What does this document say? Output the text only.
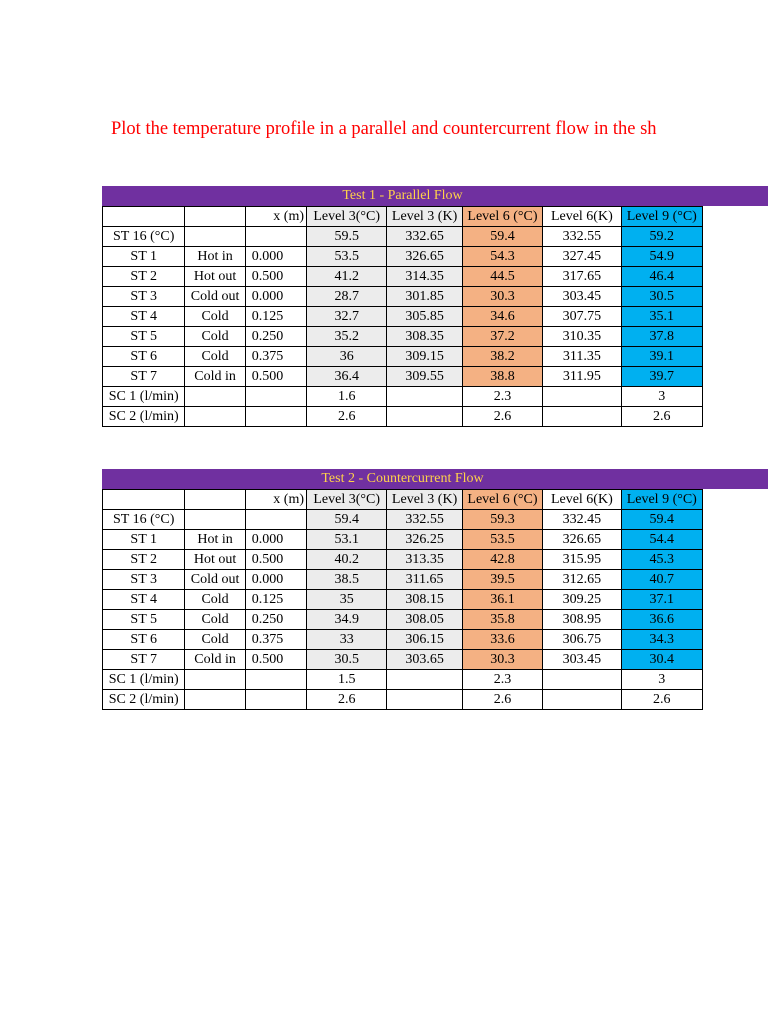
Plot the temperature profile in a parallel and countercurrent flow in the sh
Test 1 - Parallel Flow
		x (m)	Level 3(°C)	Level 3 (K)	Level 6 (°C)	Level 6(K)	Level 9 (°C)
ST 16 (°C)			59.5	332.65	59.4	332.55	59.2
ST 1	Hot in	0.000	53.5	326.65	54.3	327.45	54.9
ST 2	Hot out	0.500	41.2	314.35	44.5	317.65	46.4
ST 3	Cold out	0.000	28.7	301.85	30.3	303.45	30.5
ST 4	Cold	0.125	32.7	305.85	34.6	307.75	35.1
ST 5	Cold	0.250	35.2	308.35	37.2	310.35	37.8
ST 6	Cold	0.375	36	309.15	38.2	311.35	39.1
ST 7	Cold in	0.500	36.4	309.55	38.8	311.95	39.7
SC 1 (l/min)			1.6		2.3		3
SC 2 (l/min)			2.6		2.6		2.6
Test 2 - Countercurrent Flow
		x (m)	Level 3(°C)	Level 3 (K)	Level 6 (°C)	Level 6(K)	Level 9 (°C)
ST 16 (°C)			59.4	332.55	59.3	332.45	59.4
ST 1	Hot in	0.000	53.1	326.25	53.5	326.65	54.4
ST 2	Hot out	0.500	40.2	313.35	42.8	315.95	45.3
ST 3	Cold out	0.000	38.5	311.65	39.5	312.65	40.7
ST 4	Cold	0.125	35	308.15	36.1	309.25	37.1
ST 5	Cold	0.250	34.9	308.05	35.8	308.95	36.6
ST 6	Cold	0.375	33	306.15	33.6	306.75	34.3
ST 7	Cold in	0.500	30.5	303.65	30.3	303.45	30.4
SC 1 (l/min)			1.5		2.3		3
SC 2 (l/min)			2.6		2.6		2.6
